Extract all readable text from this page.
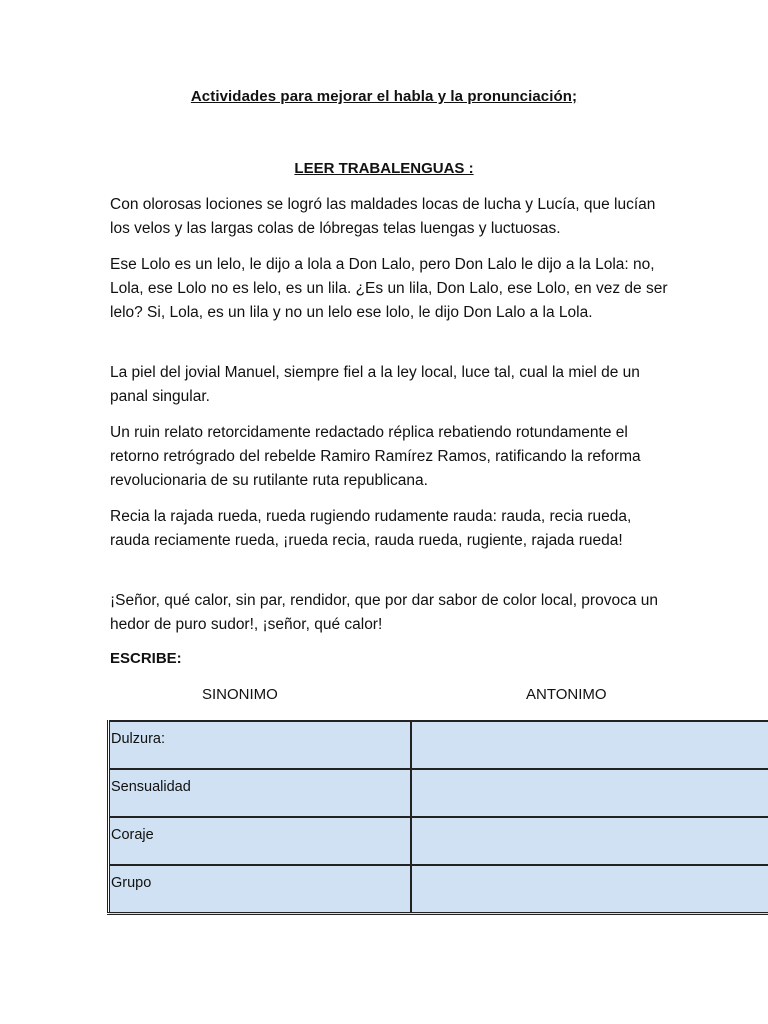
Actividades para mejorar el habla y la pronunciación;
LEER TRABALENGUAS :

Con olorosas lociones se logró las maldades locas de lucha y Lucía, que lucían los velos y las largas colas de lóbregas telas luengas y luctuosas.

Ese Lolo es un lelo, le dijo a lola a Don Lalo, pero Don Lalo le dijo a la Lola: no, Lola, ese Lolo no es lelo, es un lila. ¿Es un lila, Don Lalo, ese Lolo, en vez de ser lelo? Si, Lola, es un lila y no un lelo ese lolo, le dijo Don Lalo a la Lola.

La piel del jovial Manuel, siempre fiel a la ley local, luce tal, cual la miel de un panal singular.

Un ruin relato retorcidamente redactado réplica rebatiendo rotundamente el retorno retrógrado del rebelde Ramiro Ramírez Ramos, ratificando la reforma revolucionaria de su rutilante ruta republicana.

Recia la rajada rueda, rueda rugiendo rudamente rauda: rauda, recia rueda, rauda reciamente rueda, ¡rueda recia, rauda rueda, rugiente, rajada rueda!

¡Señor, qué calor, sin par, rendidor, que por dar sabor de color local, provoca un hedor de puro sudor!, ¡señor, qué calor!

ESCRIBE:
SINONIMO	ANTONIMO
Dulzura:	

Sensualidad	

Coraje	

Grupo	
